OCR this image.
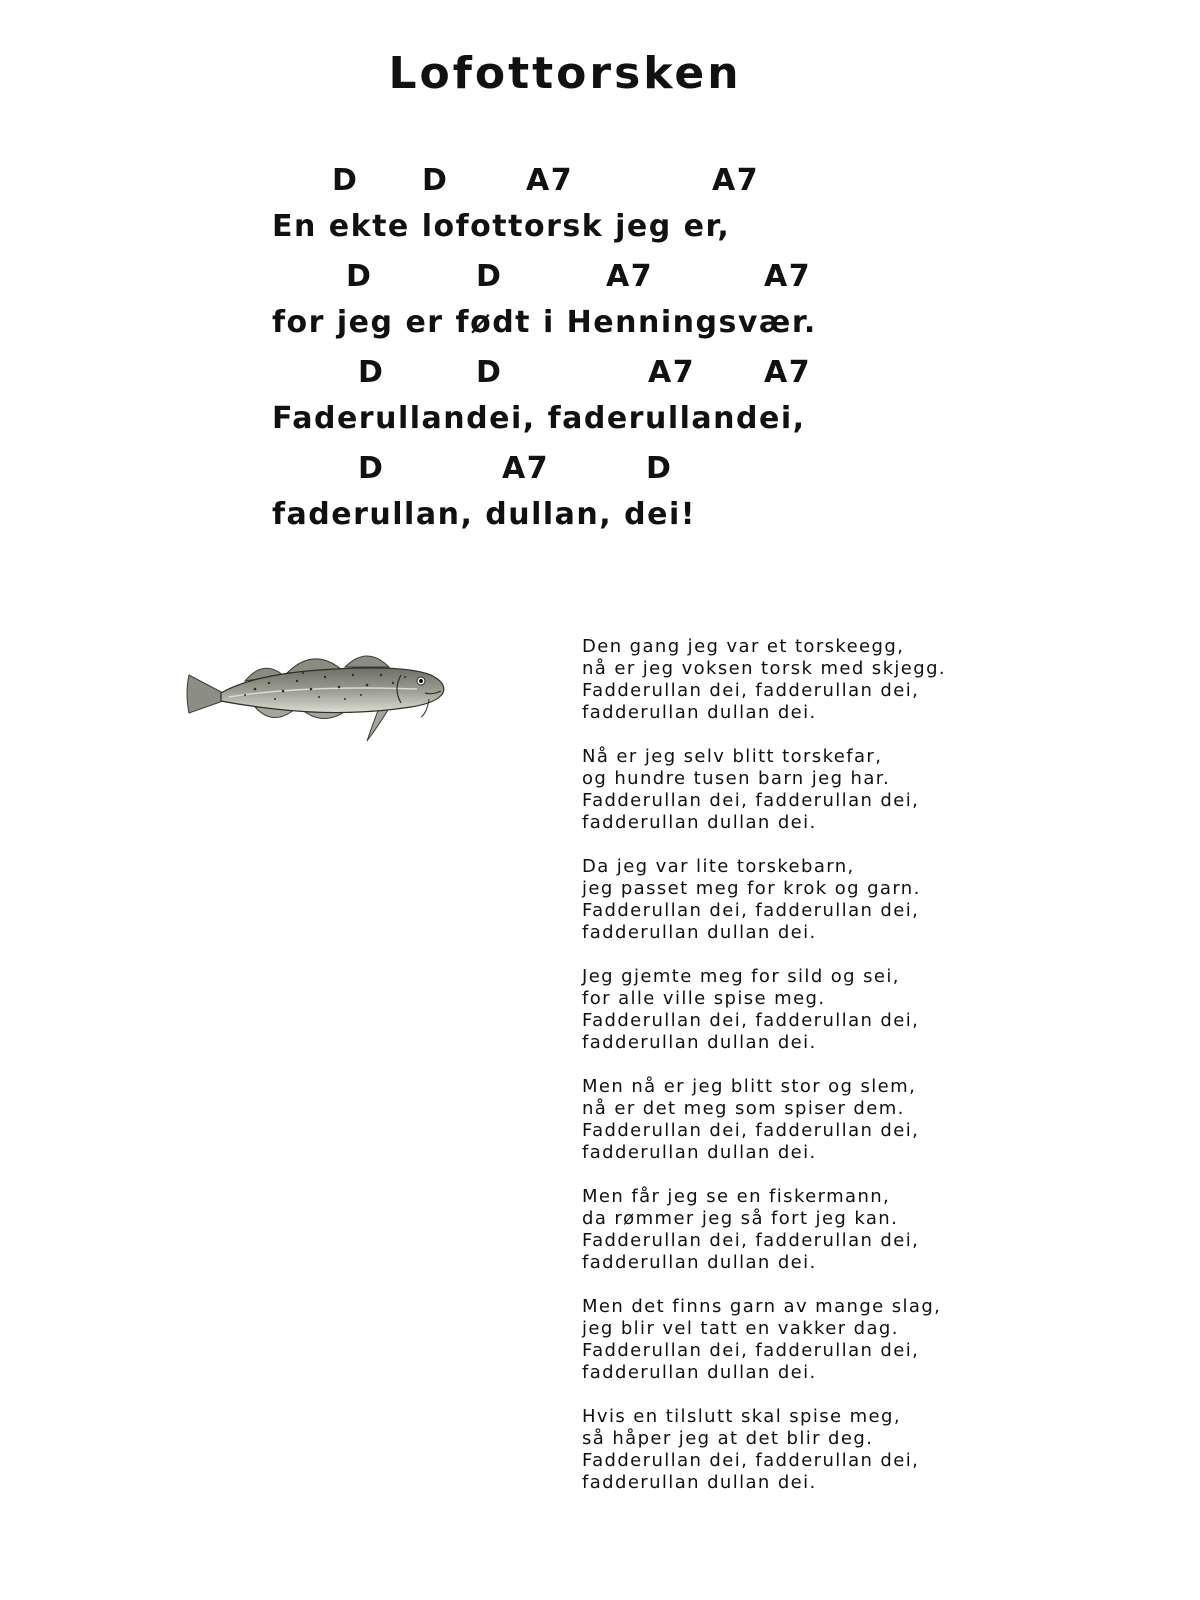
Lofottorsken
D D	A7	A7
En ekte lofottorsk jeg er,
D	D	A7	A7
for jeg er født i Henningsvær.
D	D	A7 A7
Faderullandei, faderullandei,
D	A7	D
faderullan, dullan, dei!
Den gang jeg var et torskeegg,
nå er jeg voksen torsk med skjegg.
Fadderullan dei, fadderullan dei,
fadderullan dullan dei.
Nå er jeg selv blitt torskefar,
og hundre tusen barn jeg har.
Fadderullan dei, fadderullan dei,
fadderullan dullan dei.
Da jeg var lite torskebarn,
jeg passet meg for krok og garn.
Fadderullan dei, fadderullan dei,
fadderullan dullan dei.
Jeg gjemte meg for sild og sei,
for alle ville spise meg.
Fadderullan dei, fadderullan dei,
fadderullan dullan dei.
Men nå er jeg blitt stor og slem,
nå er det meg som spiser dem.
Fadderullan dei, fadderullan dei,
fadderullan dullan dei.
Men får jeg se en fiskermann,
da rømmer jeg så fort jeg kan.
Fadderullan dei, fadderullan dei,
fadderullan dullan dei.
Men det finns garn av mange slag,
jeg blir vel tatt en vakker dag.
Fadderullan dei, fadderullan dei,
fadderullan dullan dei.
Hvis en tilslutt skal spise meg,
så håper jeg at det blir deg.
Fadderullan dei, fadderullan dei,
fadderullan dullan dei.
